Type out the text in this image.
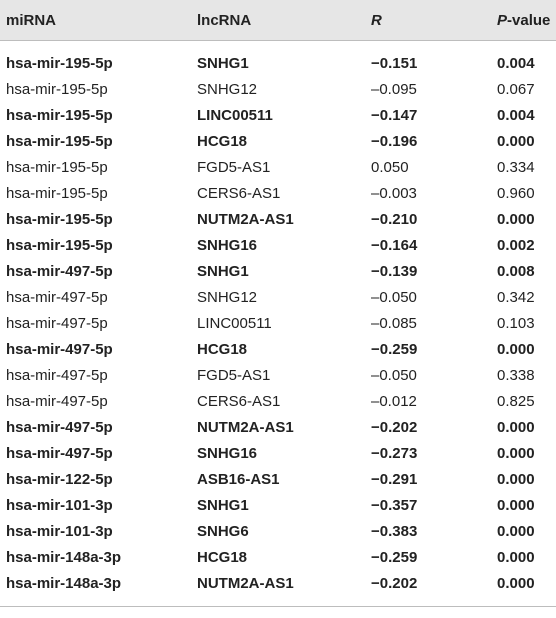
miRNA	lncRNA	R	P -value
hsa-mir-195-5p	SNHG1	−0.151	0.004
hsa-mir-195-5p	SNHG12	–0.095	0.067
hsa-mir-195-5p	LINC00511	−0.147	0.004
hsa-mir-195-5p	HCG18	−0.196	0.000
hsa-mir-195-5p	FGD5-AS1	0.050	0.334
hsa-mir-195-5p	CERS6-AS1	–0.003	0.960
hsa-mir-195-5p	NUTM2A-AS1	−0.210	0.000
hsa-mir-195-5p	SNHG16	−0.164	0.002
hsa-mir-497-5p	SNHG1	−0.139	0.008
hsa-mir-497-5p	SNHG12	–0.050	0.342
hsa-mir-497-5p	LINC00511	–0.085	0.103
hsa-mir-497-5p	HCG18	−0.259	0.000
hsa-mir-497-5p	FGD5-AS1	–0.050	0.338
hsa-mir-497-5p	CERS6-AS1	–0.012	0.825
hsa-mir-497-5p	NUTM2A-AS1	−0.202	0.000
hsa-mir-497-5p	SNHG16	−0.273	0.000
hsa-mir-122-5p	ASB16-AS1	−0.291	0.000
hsa-mir-101-3p	SNHG1	−0.357	0.000
hsa-mir-101-3p	SNHG6	−0.383	0.000
hsa-mir-148a-3p	HCG18	−0.259	0.000
hsa-mir-148a-3p	NUTM2A-AS1	−0.202	0.000
